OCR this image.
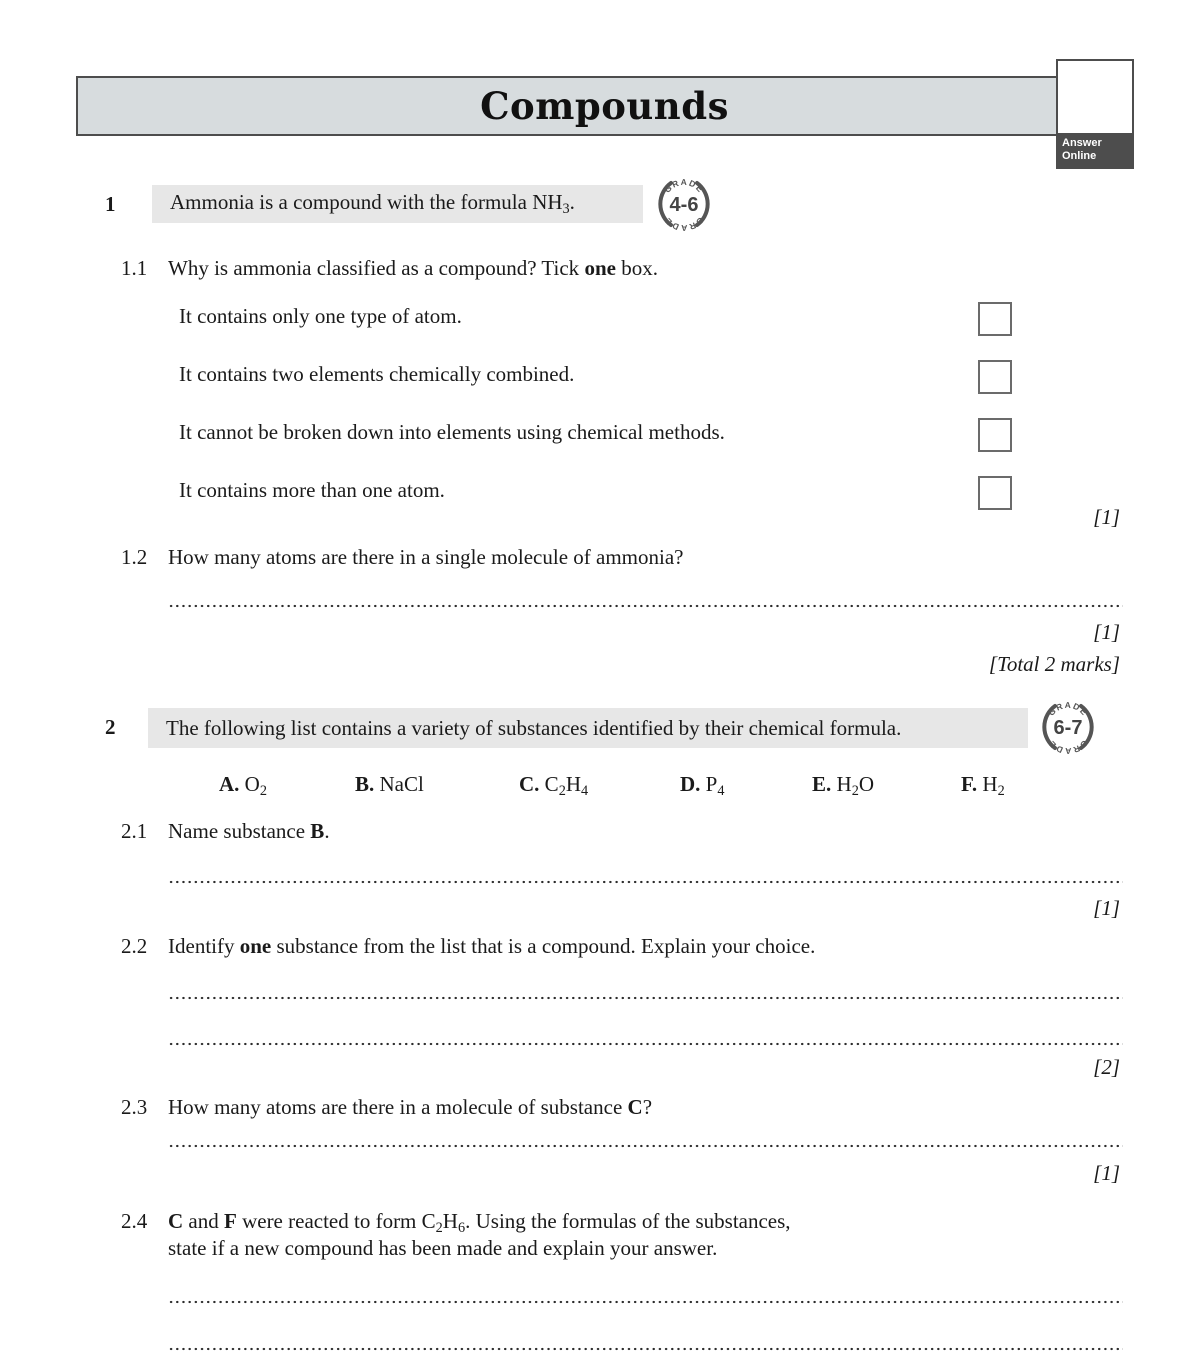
Compounds
Answer
Online
1	Ammonia is a compound with the formula $NH_3$.
GRADE
GRADE
4-6
1.1 Why is ammonia classified as a compound? Tick one box.
It contains only one type of atom.
It contains two elements chemically combined.
It cannot be broken down into elements using chemical methods.
It contains more than one atom.
[1]
1.2 How many atoms are there in a single molecule of ammonia?
[1]
[Total 2 marks]
2 The following list contains a variety of substances identified by their chemical formula.
GRADE
GRADE
6-7
A. $O_2$	B. NaCl	C. $C_2H_4$	D. $P_4$	E. $H_2O$	F. $H_2$
2.1 Name substance B.
[1]
2.2 Identify one substance from the list that is a compound. Explain your choice.
[2]
2.3 How many atoms are there in a molecule of substance C?
[1]
2.4 C and F were reacted to form $C_2H_6$. Using the formulas of the substances,
state if a new compound has been made and explain your answer.
